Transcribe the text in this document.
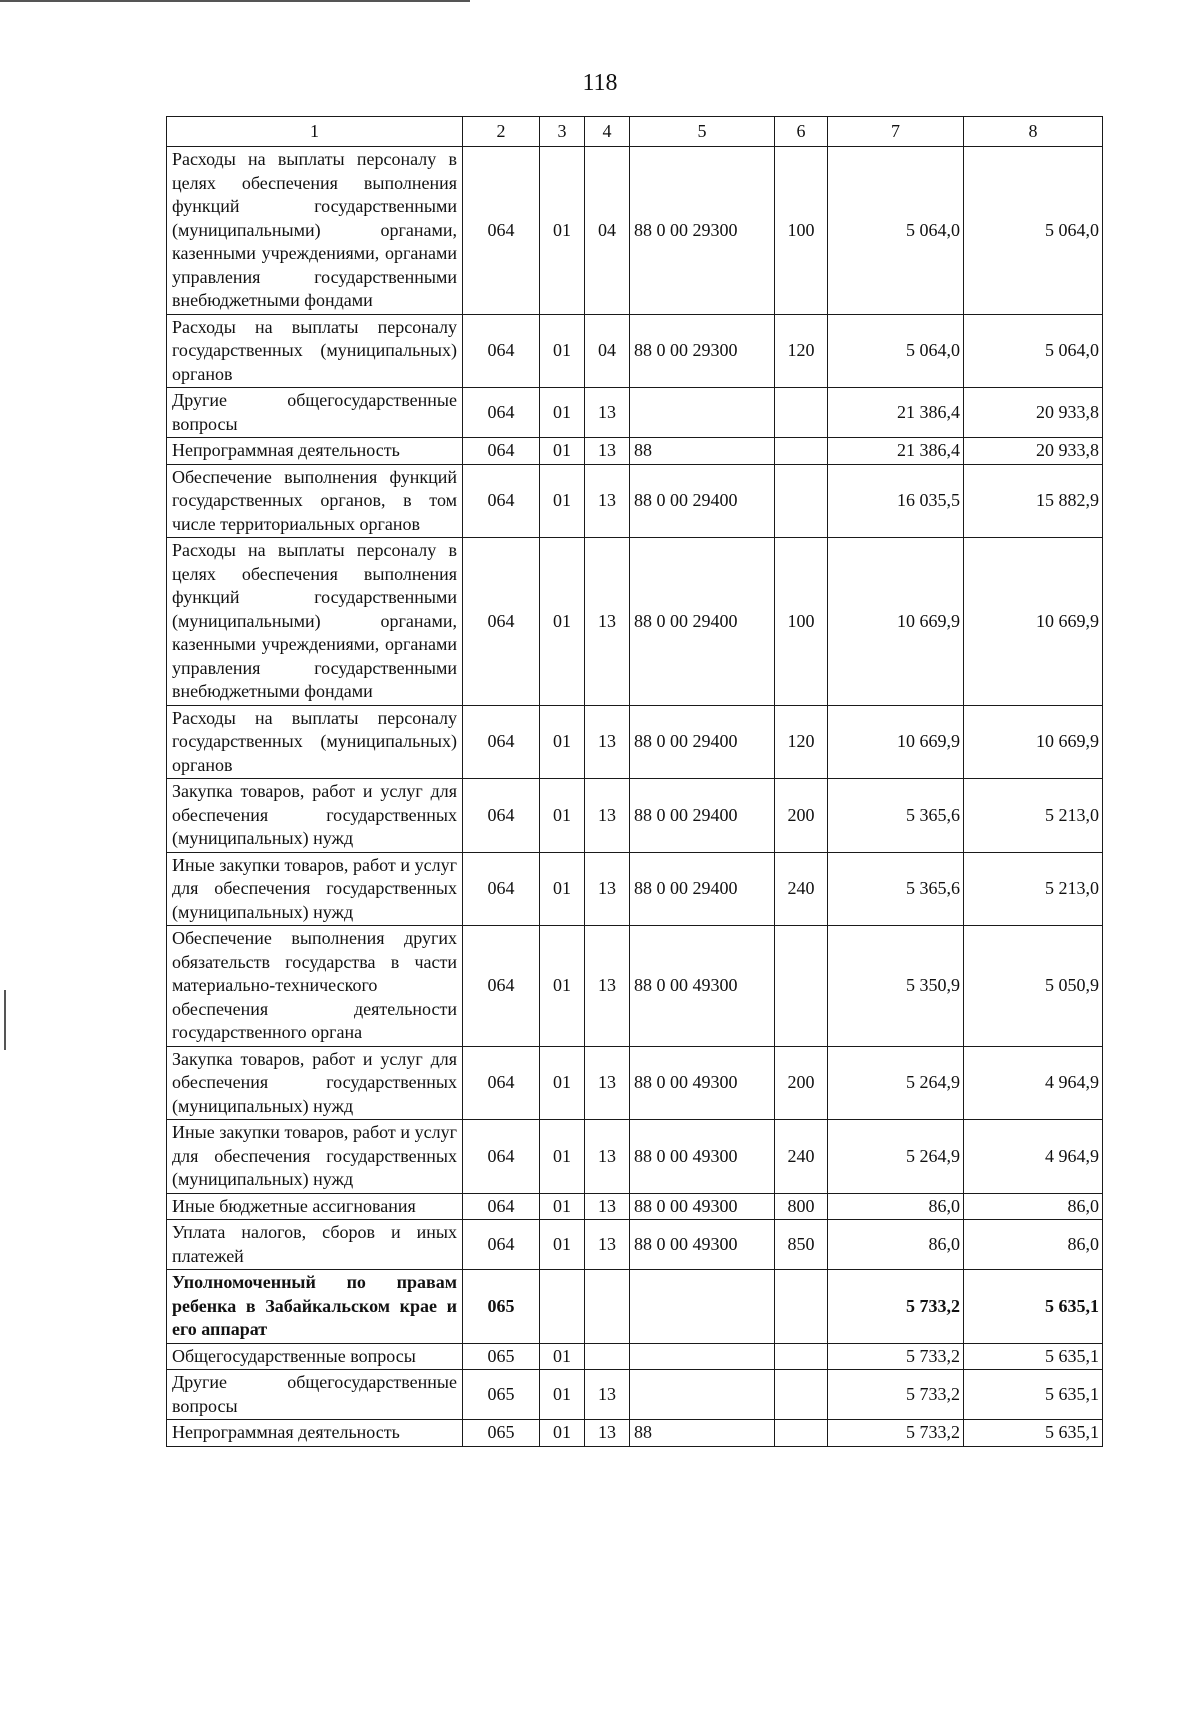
118
1	2	3	4	5	6	7	8
Расходы на выплаты персоналу в целях обеспечения выполнения функций государственными (муниципальными) органами, казенными учреждениями, органами управления государственными внебюджетными фондами	064	01	04	88 0 00 29300	100	5 064,0	5 064,0
Расходы на выплаты персоналу государственных (муниципальных) органов	064	01	04	88 0 00 29300	120	5 064,0	5 064,0
Другие общегосударственные вопросы	064	01	13			21 386,4	20 933,8
Непрограммная деятельность	064	01	13	88		21 386,4	20 933,8
Обеспечение выполнения функций государственных органов, в том числе территориальных органов	064	01	13	88 0 00 29400		16 035,5	15 882,9
Расходы на выплаты персоналу в целях обеспечения выполнения функций государственными (муниципальными) органами, казенными учреждениями, органами управления государственными внебюджетными фондами	064	01	13	88 0 00 29400	100	10 669,9	10 669,9
Расходы на выплаты персоналу государственных (муниципальных) органов	064	01	13	88 0 00 29400	120	10 669,9	10 669,9
Закупка товаров, работ и услуг для обеспечения государственных (муниципальных) нужд	064	01	13	88 0 00 29400	200	5 365,6	5 213,0
Иные закупки товаров, работ и услуг для обеспечения государственных (муниципальных) нужд	064	01	13	88 0 00 29400	240	5 365,6	5 213,0
Обеспечение выполнения других обязательств государства в части материально-технического обеспечения деятельности государственного органа	064	01	13	88 0 00 49300		5 350,9	5 050,9
Закупка товаров, работ и услуг для обеспечения государственных (муниципальных) нужд	064	01	13	88 0 00 49300	200	5 264,9	4 964,9
Иные закупки товаров, работ и услуг для обеспечения государственных (муниципальных) нужд	064	01	13	88 0 00 49300	240	5 264,9	4 964,9
Иные бюджетные ассигнования	064	01	13	88 0 00 49300	800	86,0	86,0
Уплата налогов, сборов и иных платежей	064	01	13	88 0 00 49300	850	86,0	86,0
Уполномоченный по правам ребенка в Забайкальском крае и его аппарат	065					5 733,2	5 635,1
Общегосударственные вопросы	065	01				5 733,2	5 635,1
Другие общегосударственные вопросы	065	01	13			5 733,2	5 635,1
Непрограммная деятельность	065	01	13	88		5 733,2	5 635,1
